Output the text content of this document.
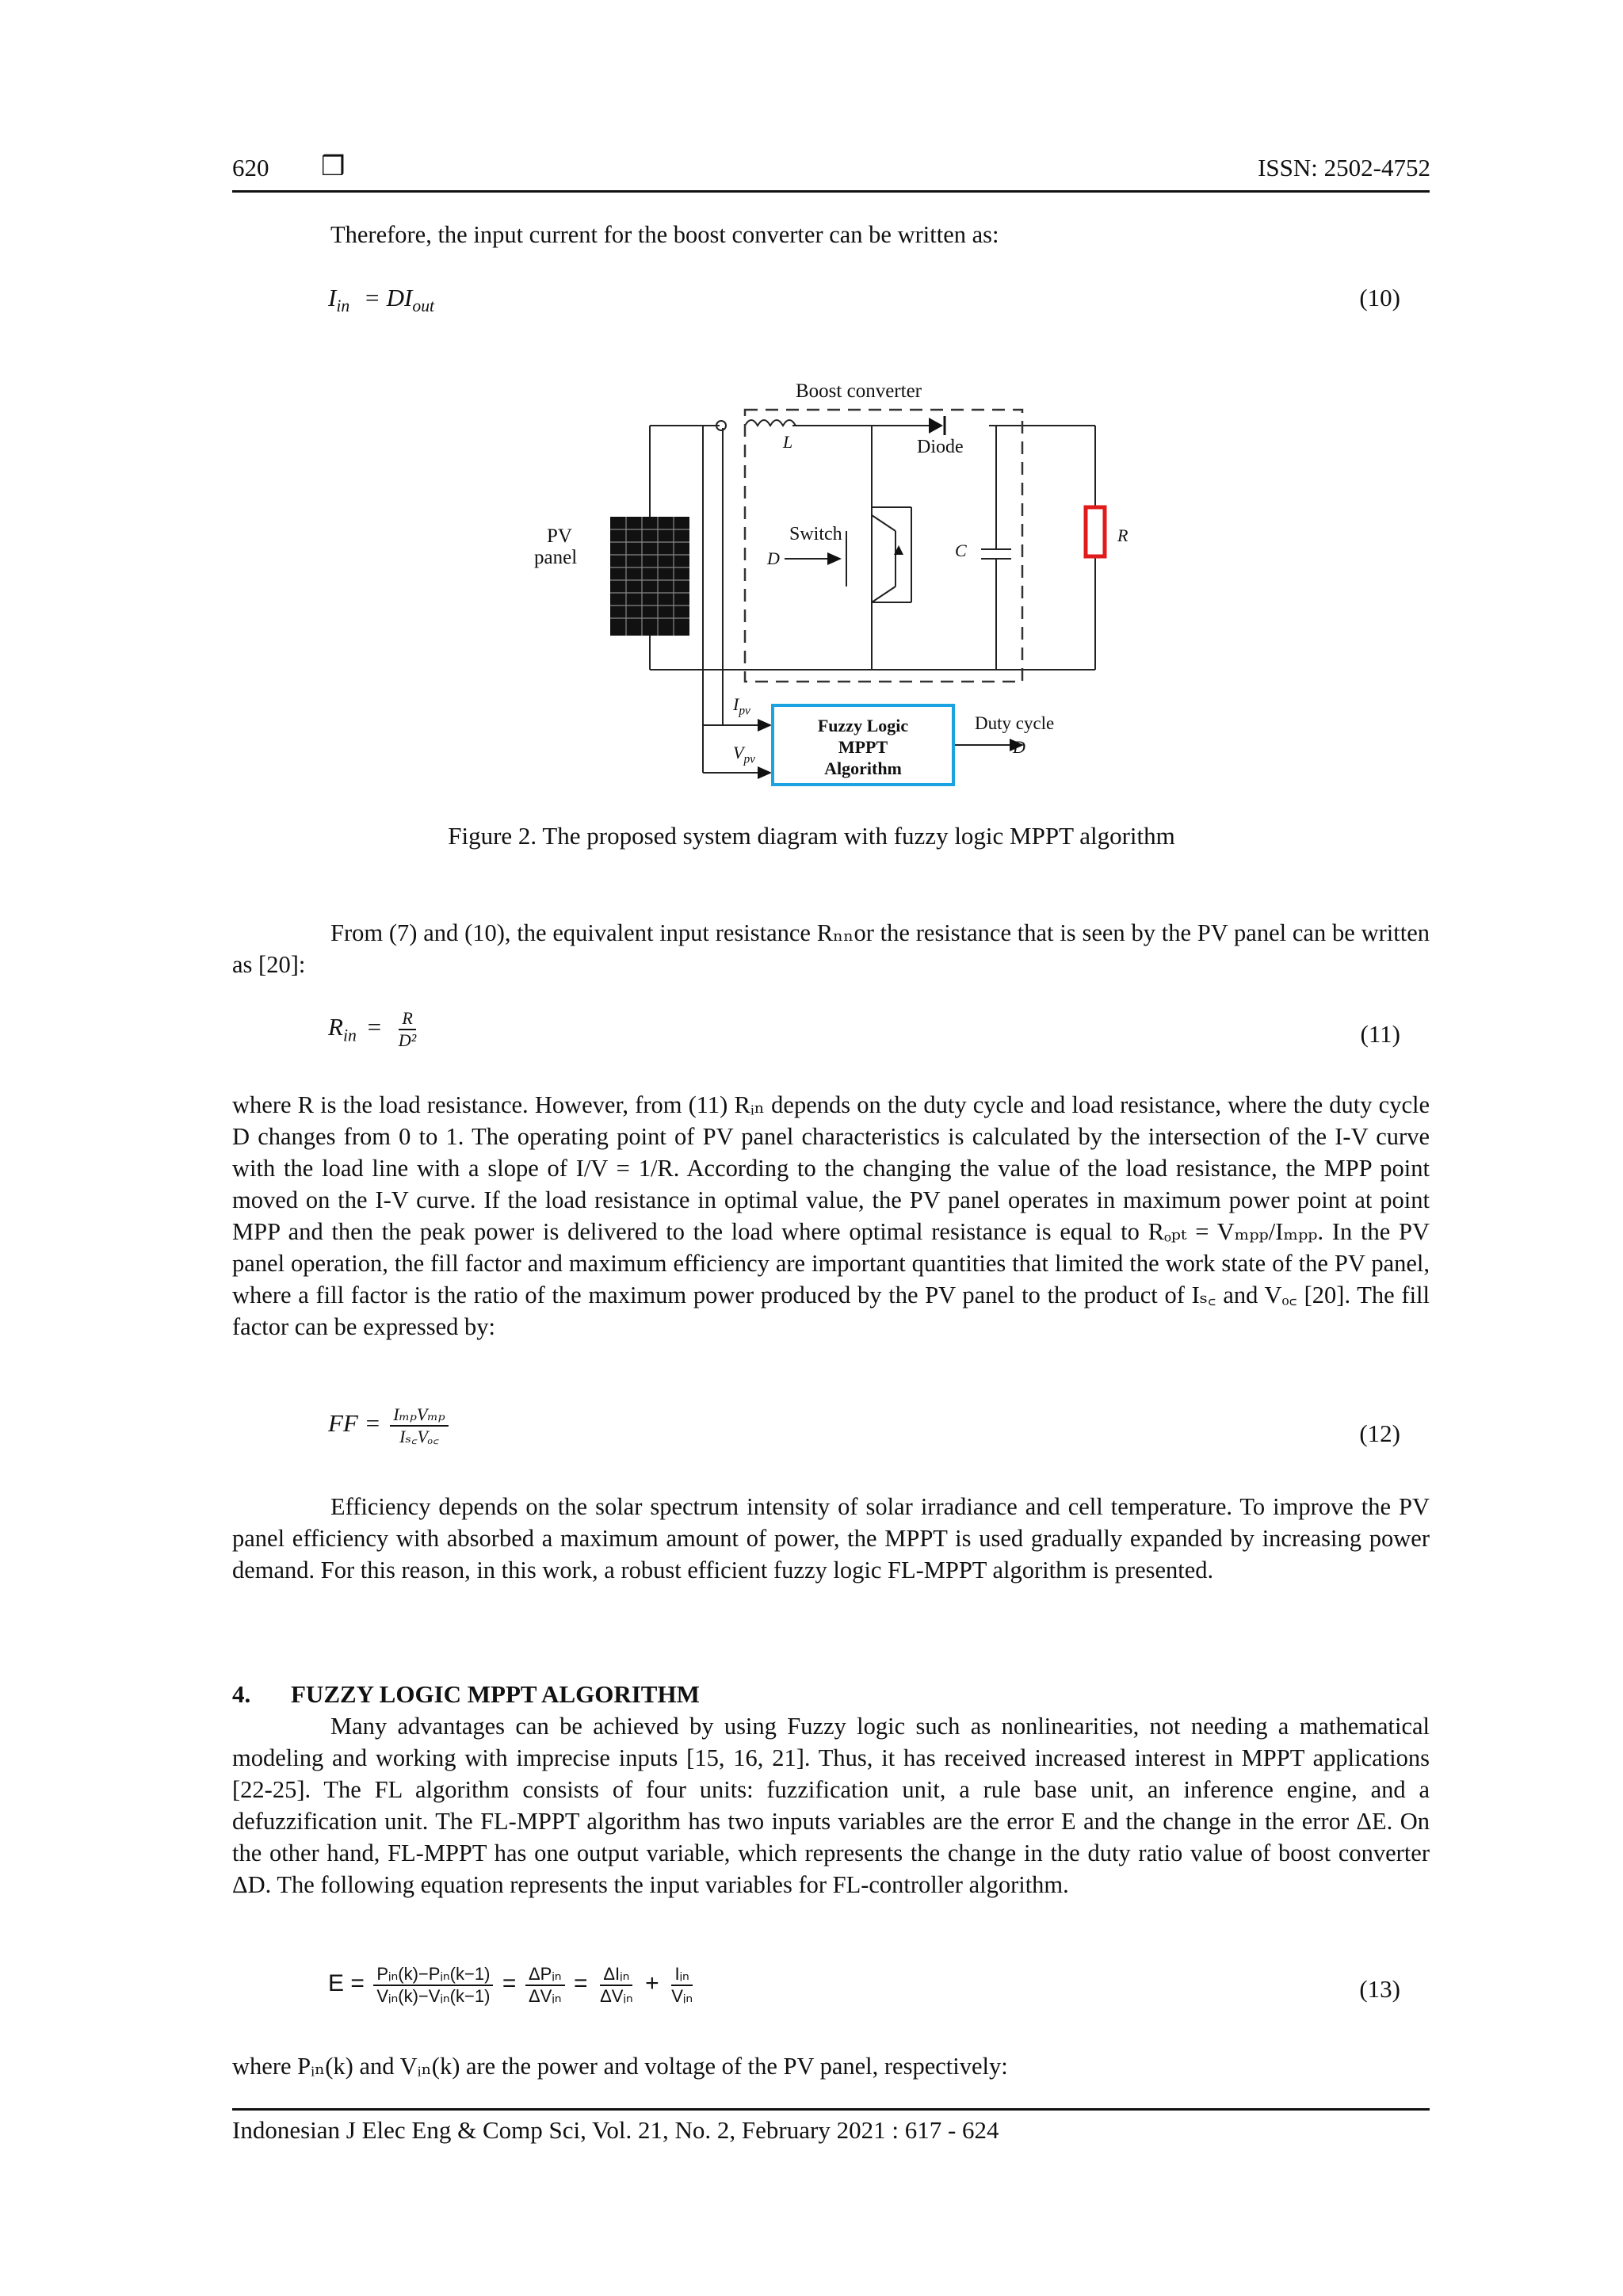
620 ❒	ISSN: 2502-4752
Therefore, the input current for the boost converter can be written as:
$I_{in} = DI_{out}$	(10)
Boost converter
L	Diode
PV
panel
Switch
D	C
R
$I_{pv}$
$V_{pv}$
Fuzzy Logic
MPPT
Algorithm
Duty cycle
D
Figure 2. The proposed system diagram with fuzzy logic MPPT algorithm
From (7) and (10), the equivalent input resistance Rₙₙor the resistance that is seen by the PV panel can be written as [20]:
$R_{in} = \frac{R}{\text{D²}}$	(11)
where R is the load resistance. However, from (11) Rᵢₙ depends on the duty cycle and load resistance, where the duty cycle D changes from 0 to 1. The operating point of PV panel characteristics is calculated by the intersection of the I-V curve with the load line with a slope of I/V = 1/R. According to the changing the value of the load resistance, the MPP point moved on the I-V curve. If the load resistance in optimal value, the PV panel operates in maximum power point at point MPP and then the peak power is delivered to the load where optimal resistance is equal to Rₒₚₜ = Vₘₚₚ/Iₘₚₚ. In the PV panel operation, the fill factor and maximum efficiency are important quantities that limited the work state of the PV panel, where a fill factor is the ratio of the maximum power produced by the PV panel to the product of Iₛ꜀ and Vₒ꜀ [20]. The fill factor can be expressed by:
FF = $\frac{\text{IₘₚVₘₚ}}{\text{Iₛ꜀Vₒ꜀}}$	(12)
Efficiency depends on the solar spectrum intensity of solar irradiance and cell temperature. To improve the PV panel efficiency with absorbed a maximum amount of power, the MPPT is used gradually expanded by increasing power demand. For this reason, in this work, a robust efficient fuzzy logic FL-MPPT algorithm is presented.
4. FUZZY LOGIC MPPT ALGORITHM
Many advantages can be achieved by using Fuzzy logic such as nonlinearities, not needing a mathematical modeling and working with imprecise inputs [15, 16, 21]. Thus, it has received increased interest in MPPT applications [22-25]. The FL algorithm consists of four units: fuzzification unit, a rule base unit, an inference engine, and a defuzzification unit. The FL-MPPT algorithm has two inputs variables are the error E and the change in the error ΔE. On the other hand, FL-MPPT has one output variable, which represents the change in the duty ratio value of boost converter ΔD. The following equation represents the input variables for FL-controller algorithm.
$E = \frac{\text{Pᵢₙ(k)−Pᵢₙ(k−1)}}{\text{Vᵢₙ(k)−Vᵢₙ(k−1)}} = \frac{\text{ΔPᵢₙ}}{\text{ΔVᵢₙ}} = \frac{\text{ΔIᵢₙ}}{\text{ΔVᵢₙ}} + \frac{\text{Iᵢₙ}}{\text{Vᵢₙ}}$	(13)
where Pᵢₙ(k) and Vᵢₙ(k) are the power and voltage of the PV panel, respectively:
Indonesian J Elec Eng & Comp Sci, Vol. 21, No. 2, February 2021 : 617 - 624
